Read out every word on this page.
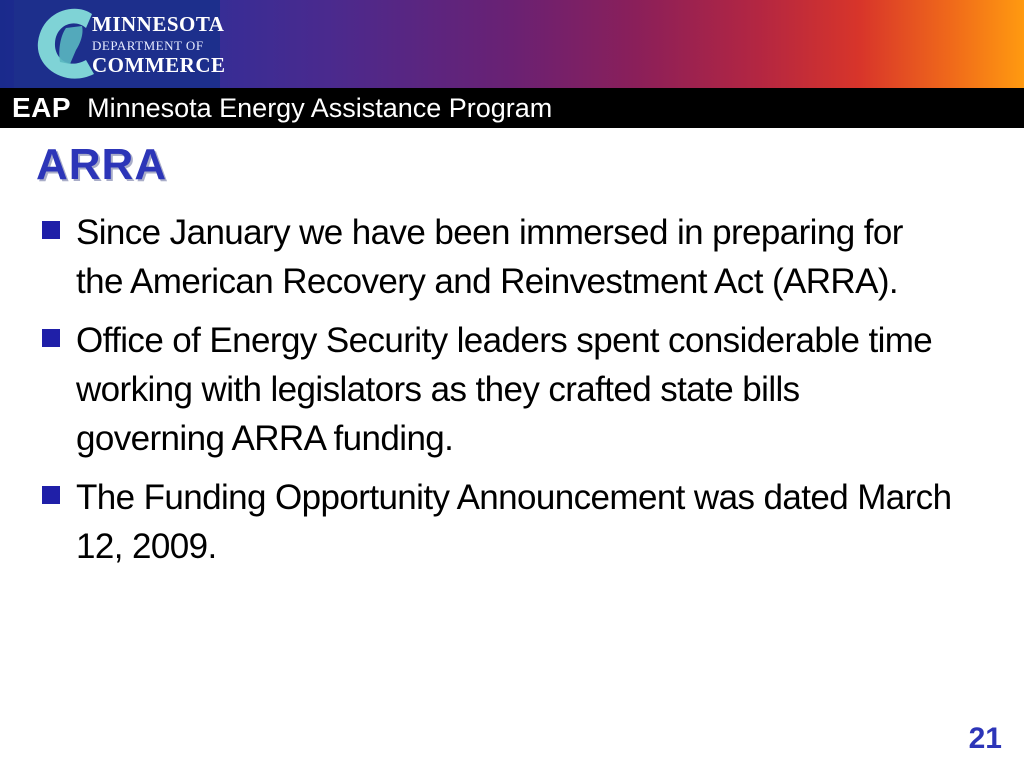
MINNESOTA
DEPARTMENT OF
COMMERCE
EAP Minnesota Energy Assistance Program
ARRA
Since January we have been immersed in preparing for the American Recovery and Reinvestment Act (ARRA).
Office of Energy Security leaders spent considerable time working with legislators as they crafted state bills governing ARRA funding.
The Funding Opportunity Announcement was dated March 12, 2009.
21
